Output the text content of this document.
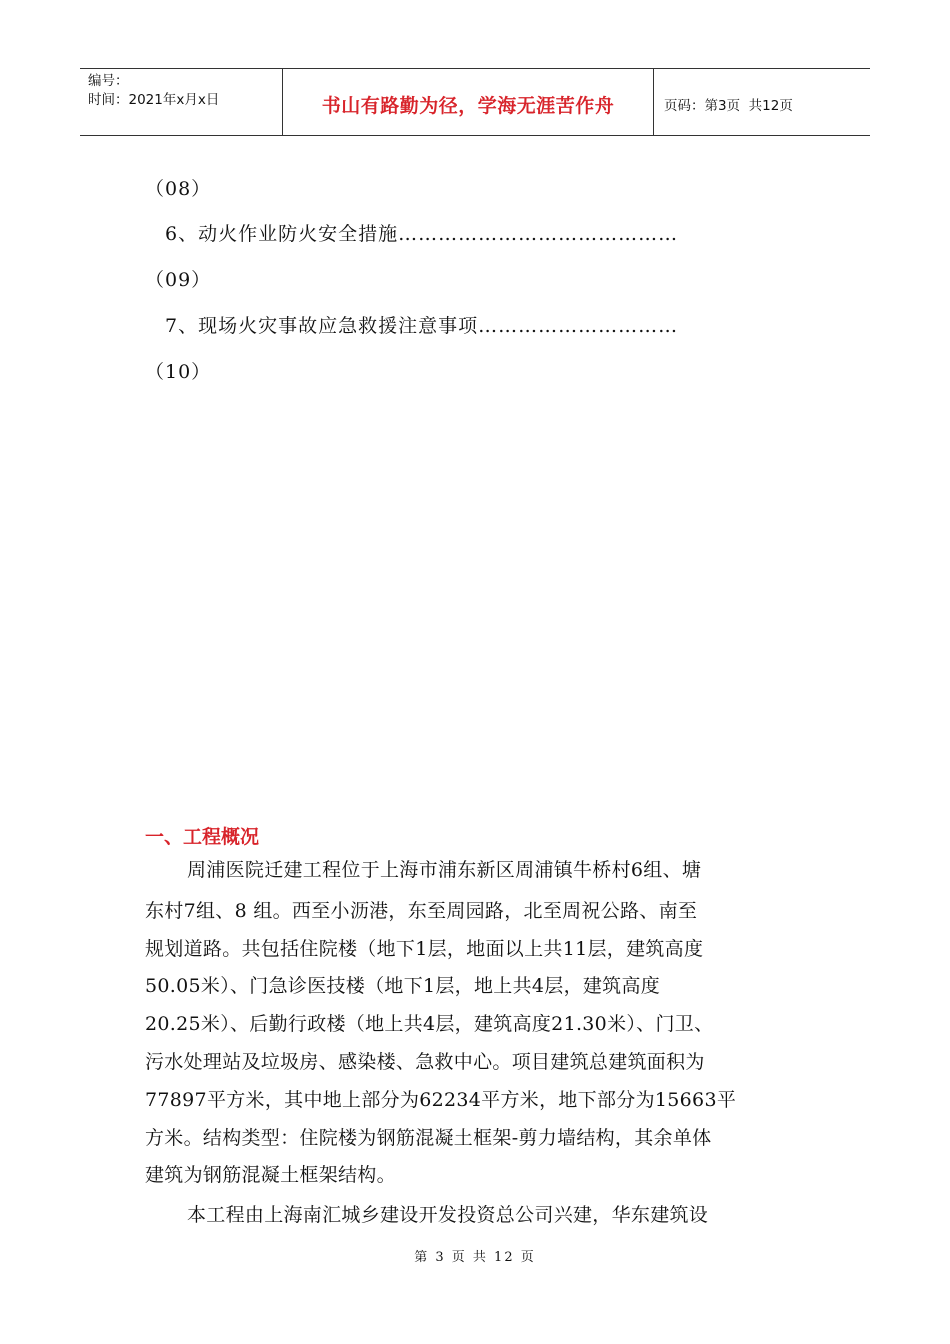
编号：
时间：2021年x月x日	书山有路勤为径，学海无涯苦作舟	页码：第3页  共12页
（08）
6、动火作业防火安全措施……………………………………
（09）
7、现场火灾事故应急救援注意事项…………………………
（10）
一、工程概况
周浦医院迁建工程位于上海市浦东新区周浦镇牛桥村6组、塘
东村7组、8 组。西至小沥港，东至周园路，北至周祝公路、南至
规划道路。共包括住院楼（地下1层，地面以上共11层，建筑高度
50.05米）、门急诊医技楼（地下1层，地上共4层，建筑高度
20.25米）、后勤行政楼（地上共4层，建筑高度21.30米）、门卫、
污水处理站及垃圾房、感染楼、急救中心。项目建筑总建筑面积为
77897平方米，其中地上部分为62234平方米，地下部分为15663平
方米。结构类型：住院楼为钢筋混凝土框架-剪力墙结构，其余单体
建筑为钢筋混凝土框架结构。
本工程由上海南汇城乡建设开发投资总公司兴建，华东建筑设
第 3 页 共 12 页
